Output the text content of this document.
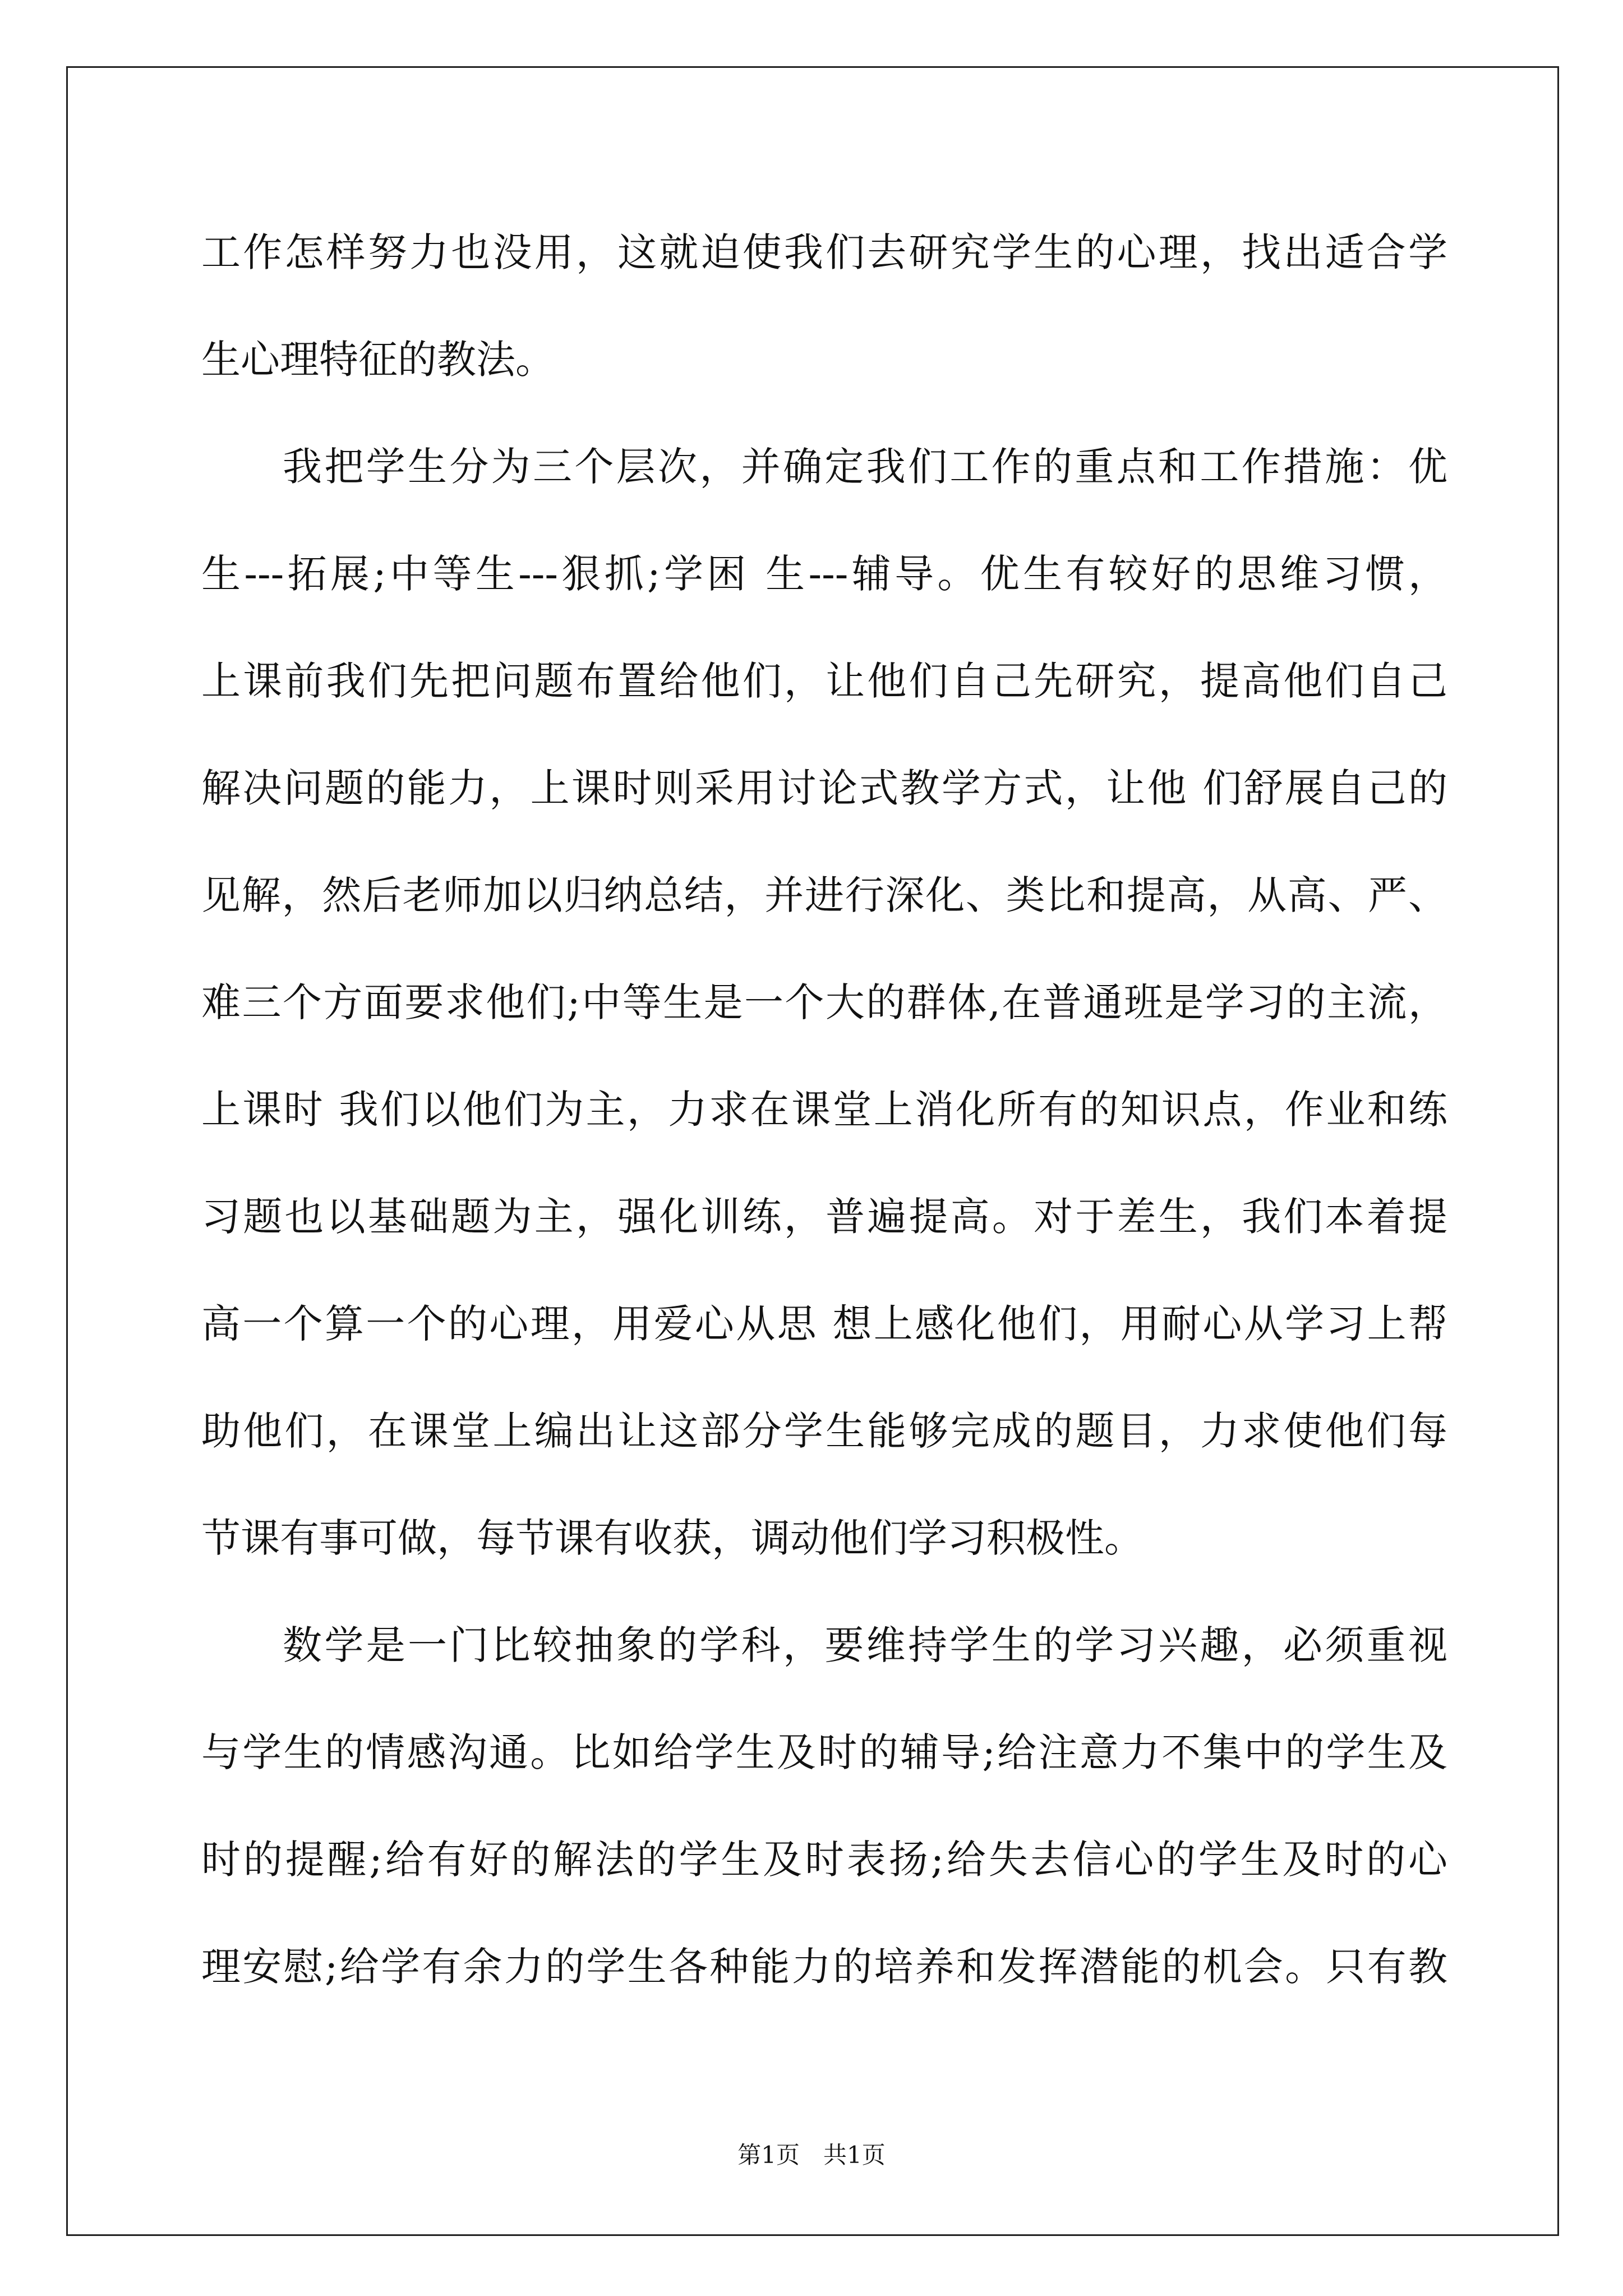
工作怎样努力也没用，这就迫使我们去研究学生的心理，找出适合学
生心理特征的教法。
我把学生分为三个层次，并确定我们工作的重点和工作措施：优
生---拓展;中等生---狠抓;学困 生---辅导。优生有较好的思维习惯，
上课前我们先把问题布置给他们，让他们自己先研究，提高他们自己
解决问题的能力，上课时则采用讨论式教学方式，让他 们舒展自己的
见解，然后老师加以归纳总结，并进行深化、类比和提高，从高、严、
难三个方面要求他们;中等生是一个大的群体,在普通班是学习的主流，
上课时 我们以他们为主，力求在课堂上消化所有的知识点，作业和练
习题也以基础题为主，强化训练，普遍提高。对于差生，我们本着提
高一个算一个的心理，用爱心从思 想上感化他们，用耐心从学习上帮
助他们，在课堂上编出让这部分学生能够完成的题目，力求使他们每
节课有事可做，每节课有收获，调动他们学习积极性。
数学是一门比较抽象的学科，要维持学生的学习兴趣，必须重视
与学生的情感沟通。比如给学生及时的辅导;给注意力不集中的学生及
时的提醒;给有好的解法的学生及时表扬;给失去信心的学生及时的心
理安慰;给学有余力的学生各种能力的培养和发挥潜能的机会。只有教
第1页　共1页
